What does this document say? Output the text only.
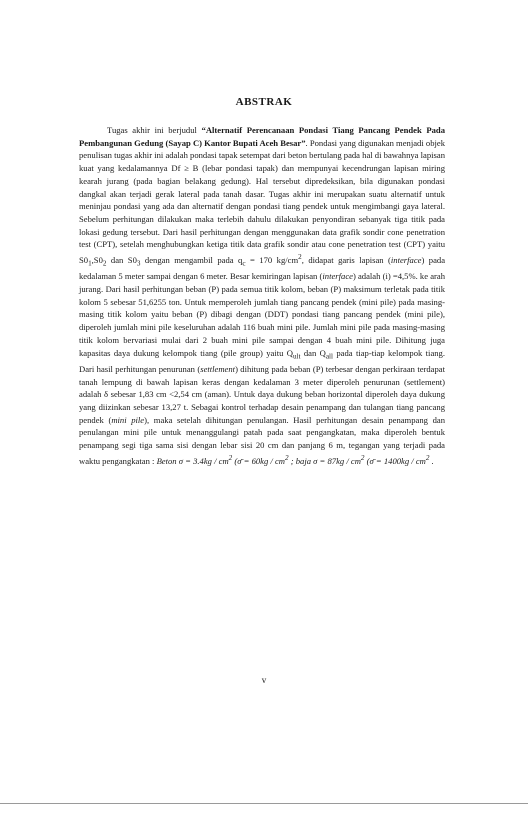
ABSTRAK

Tugas akhir ini berjudul “Alternatif Perencanaan Pondasi Tiang Pancang Pendek Pada Pembangunan Gedung (Sayap C) Kantor Bupati Aceh Besar”. Pondasi yang digunakan menjadi objek penulisan tugas akhir ini adalah pondasi tapak setempat dari beton bertulang pada hal di bawahnya lapisan kuat yang kedalamannya Df ≥ B (lebar pondasi tapak) dan mempunyai kecendrungan lapisan miring kearah jurang (pada bagian belakang gedung). Hal tersebut dipredeksikan, bila digunakan pondasi dangkal akan terjadi gerak lateral pada tanah dasar. Tugas akhir ini merupakan suatu alternatif untuk meninjau pondasi yang ada dan alternatif dengan pondasi tiang pendek untuk mengimbangi gaya lateral. Sebelum perhitungan dilakukan maka terlebih dahulu dilakukan penyondiran sebanyak tiga titik pada lokasi gedung tersebut. Dari hasil perhitungan dengan menggunakan data grafik sondir cone penetration test (CPT), setelah menghubungkan ketiga titik data grafik sondir atau cone penetration test (CPT) yaitu $S0_1,S0_2$ dan $S0_3$ dengan mengambil pada $q_c = 170$ $kg/cm^2$, didapat garis lapisan (interface) pada kedalaman 5 meter sampai dengan 6 meter. Besar kemiringan lapisan (interface) adalah (i) =4,5%. ke arah jurang. Dari hasil perhitungan beban (P) pada semua titik kolom, beban (P) maksimum terletak pada titik kolom 5 sebesar 51,6255 ton. Untuk memperoleh jumlah tiang pancang pendek (mini pile) pada masing-masing titik kolom yaitu beban (P) dibagi dengan (DDT) pondasi tiang pancang pendek (mini pile), diperoleh jumlah mini pile keseluruhan adalah 116 buah mini pile. Jumlah mini pile pada masing-masing titik kolom bervariasi mulai dari 2 buah mini pile sampai dengan 4 buah mini pile. Dihitung juga kapasitas daya dukung kelompok tiang (pile group) yaitu $Q_{ult}$ dan $Q_{all}$ pada tiap-tiap kelompok tiang. Dari hasil perhitungan penurunan (settlement) dihitung pada beban (P) terbesar dengan perkiraan terdapat tanah lempung di bawah lapisan keras dengan kedalaman 3 meter diperoleh penurunan (settlement) adalah δ sebesar 1,83 cm <2,54 cm (aman). Untuk daya dukung beban horizontal diperoleh daya dukung yang diizinkan sebesar 13,27 t. Sebagai kontrol terhadap desain penampang dan tulangan tiang pancang pendek (mini pile), maka setelah dihitungan penulangan. Hasil perhitungan desain penampang dan penulangan mini pile untuk menanggulangi patah pada saat pengangkatan, maka diperoleh bentuk penampang segi tiga sama sisi dengan lebar sisi 20 cm dan panjang 6 m, tegangan yang terjadi pada waktu pengangkatan : Beton $\sigma = 3.4kg / cm^2$ (σ̄ = $60kg / cm^2$ ; baja $\sigma = 87kg / cm^2$ (σ̄ = $1400kg / cm^2$ .

v
